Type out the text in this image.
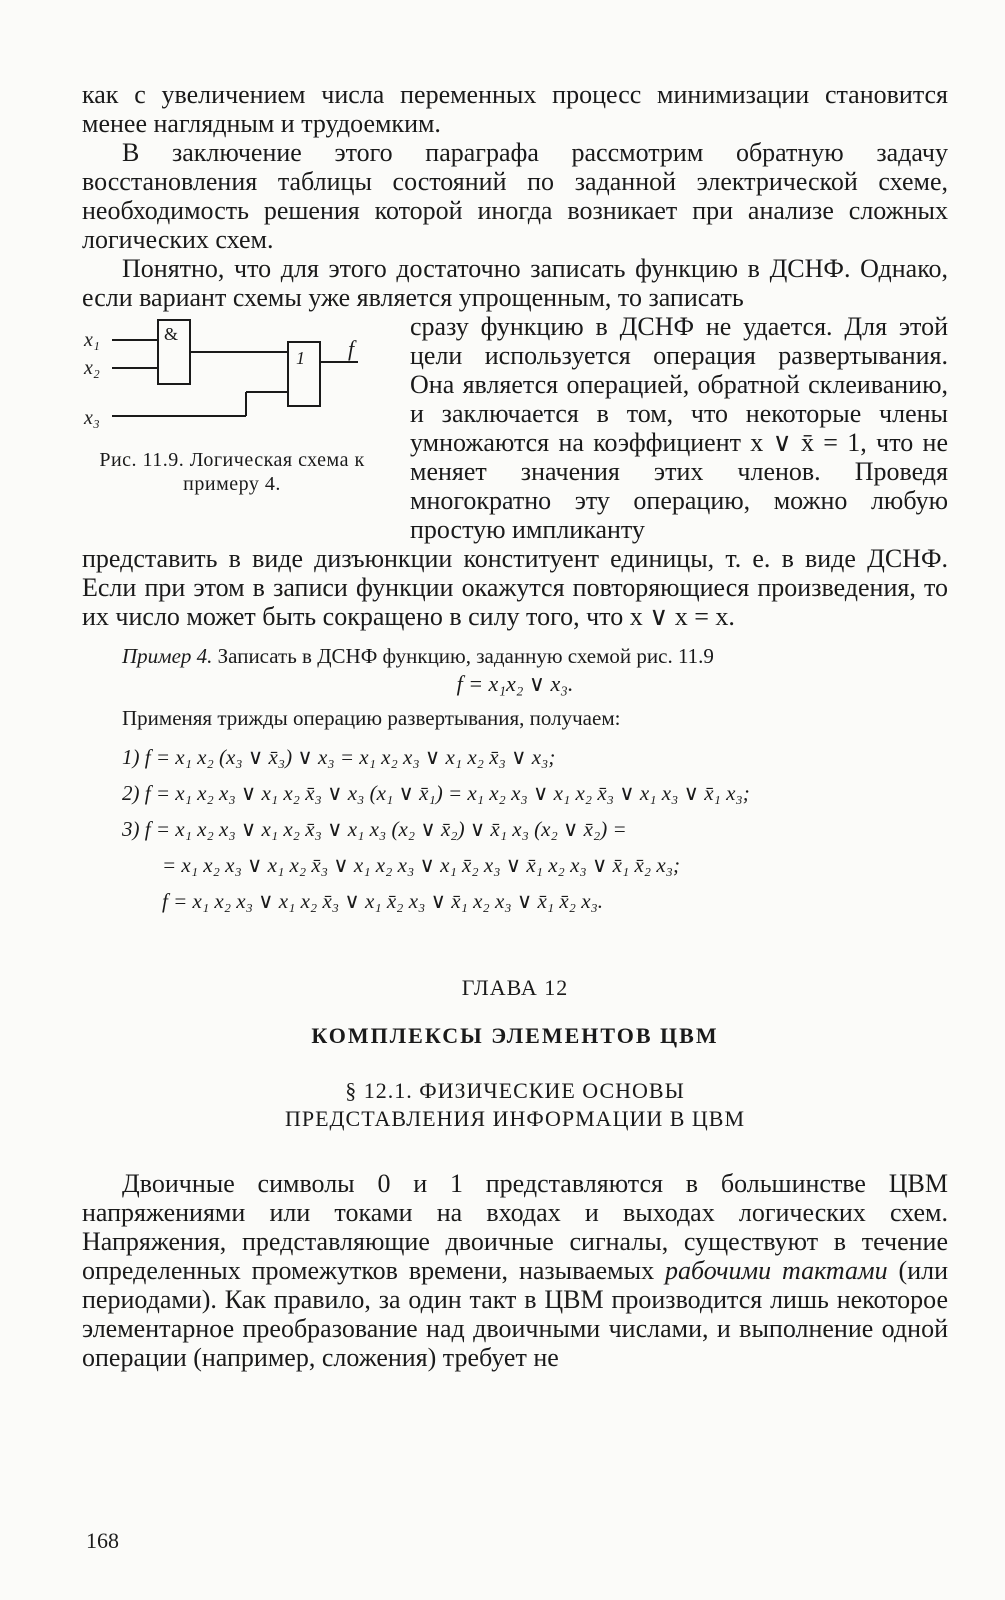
как с увеличением числа переменных процесс минимизации становится менее наглядным и трудоемким.

В заключение этого параграфа рассмотрим обратную задачу восстановления таблицы состояний по заданной электрической схеме, необходимость решения которой иногда возникает при анализе сложных логических схем.

Понятно, что для этого достаточно записать функцию в ДСНФ. Однако, если вариант схемы уже является упрощенным, то записать

x₁
x₂
x₃
&
1 f
Рис. 11.9. Логическая схема к примеру 4.

сразу функцию в ДСНФ не удается. Для этой цели используется операция развертывания. Она является операцией, обратной склеиванию, и заключается в том, что некоторые члены умножаются на коэффициент x ∨ x̄ = 1, что не меняет значения этих членов. Проведя многократно эту операцию, можно любую простую импликанту

представить в виде дизъюнкции конституент единицы, т. е. в виде ДСНФ. Если при этом в записи функции окажутся повторяющиеся произведения, то их число может быть сокращено в силу того, что x ∨ x = x.

Пример 4. Записать в ДСНФ функцию, заданную схемой рис. 11.9

f = x₁x₂ ∨ x₃.

Применяя трижды операцию развертывания, получаем:

1) f = x₁ x₂ (x₃ ∨ x̄₃) ∨ x₃ = x₁ x₂ x₃ ∨ x₁ x₂ x̄₃ ∨ x₃;
2) f = x₁ x₂ x₃ ∨ x₁ x₂ x̄₃ ∨ x₃ (x₁ ∨ x̄₁) = x₁ x₂ x₃ ∨ x₁ x₂ x̄₃ ∨ x₁ x₃ ∨ x̄₁ x₃;
3) f = x₁ x₂ x₃ ∨ x₁ x₂ x̄₃ ∨ x₁ x₃ (x₂ ∨ x̄₂) ∨ x̄₁ x₃ (x₂ ∨ x̄₂) =
= x₁ x₂ x₃ ∨ x₁ x₂ x̄₃ ∨ x₁ x₂ x₃ ∨ x₁ x̄₂ x₃ ∨ x̄₁ x₂ x₃ ∨ x̄₁ x̄₂ x₃;
f = x₁ x₂ x₃ ∨ x₁ x₂ x̄₃ ∨ x₁ x̄₂ x₃ ∨ x̄₁ x₂ x₃ ∨ x̄₁ x̄₂ x₃.
ГЛАВА 12
КОМПЛЕКСЫ ЭЛЕМЕНТОВ ЦВМ
§ 12.1. ФИЗИЧЕСКИЕ ОСНОВЫ
ПРЕДСТАВЛЕНИЯ ИНФОРМАЦИИ В ЦВМ

Двоичные символы 0 и 1 представляются в большинстве ЦВМ напряжениями или токами на входах и выходах логических схем. Напряжения, представляющие двоичные сигналы, существуют в течение определенных промежутков времени, называемых рабочими тактами (или периодами). Как правило, за один такт в ЦВМ производится лишь некоторое элементарное преобразование над двоичными числами, и выполнение одной операции (например, сложения) требует не

168
